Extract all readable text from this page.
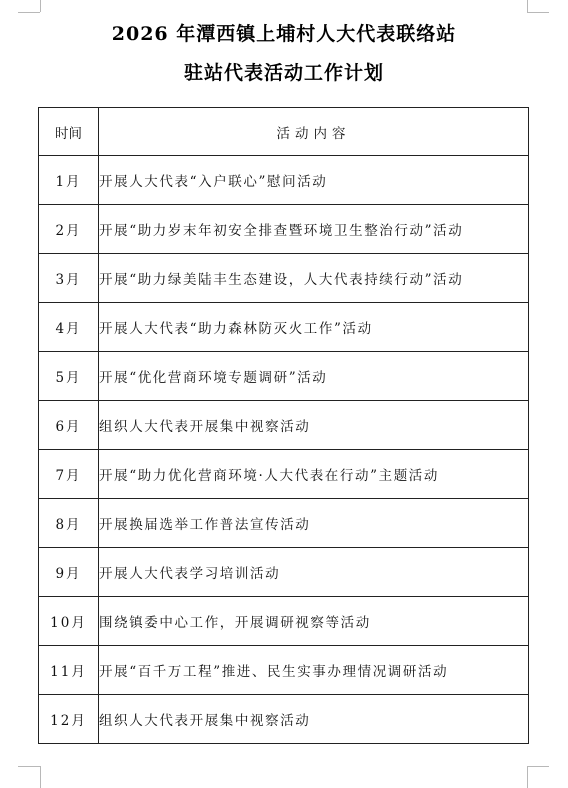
2026 年潭西镇上埔村人大代表联络站
驻站代表活动工作计划
时间	活动内容
1月	开展人大代表“入户联心”慰问活动
2月	开展“助力岁末年初安全排查暨环境卫生整治行动”活动
3月	开展“助力绿美陆丰生态建设，人大代表持续行动”活动
4月	开展人大代表“助力森林防灭火工作”活动
5月	开展“优化营商环境专题调研”活动
6月	组织人大代表开展集中视察活动
7月	开展“助力优化营商环境·人大代表在行动”主题活动
8月	开展换届选举工作普法宣传活动
9月	开展人大代表学习培训活动
10月	围绕镇委中心工作，开展调研视察等活动
11月	开展“百千万工程”推进、民生实事办理情况调研活动
12月	组织人大代表开展集中视察活动
